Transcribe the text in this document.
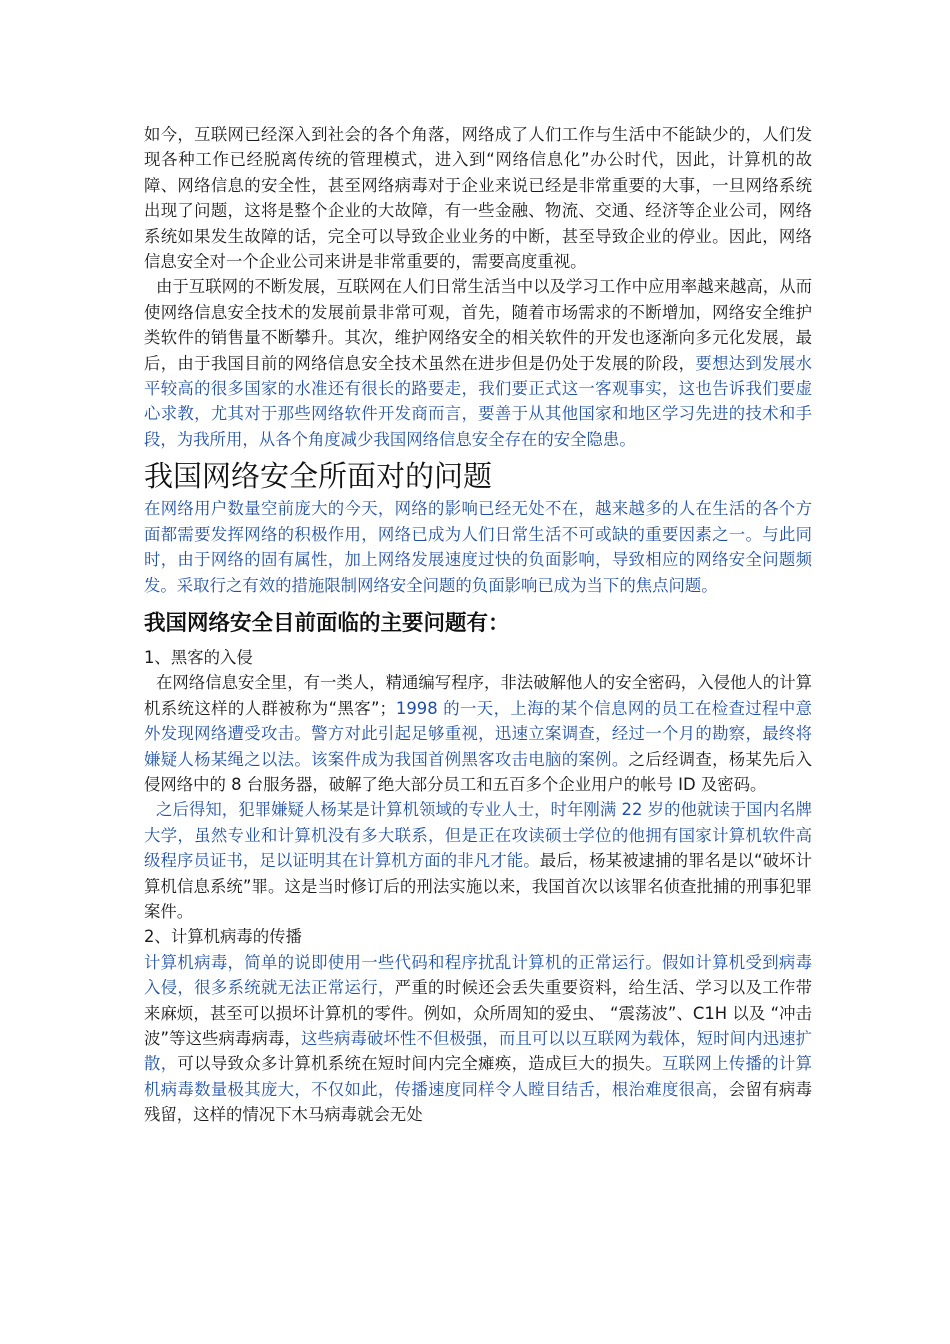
如今，互联网已经深入到社会的各个角落，网络成了人们工作与生活中不能缺少的，人们发现各种工作已经脱离传统的管理模式，进入到“网络信息化”办公时代，因此，计算机的故障、网络信息的安全性，甚至网络病毒对于企业来说已经是非常重要的大事，一旦网络系统出现了问题，这将是整个企业的大故障，有一些金融、物流、交通、经济等企业公司，网络系统如果发生故障的话，完全可以导致企业业务的中断，甚至导致企业的停业。因此，网络信息安全对一个企业公司来讲是非常重要的，需要高度重视。

由于互联网的不断发展，互联网在人们日常生活当中以及学习工作中应用率越来越高，从而使网络信息安全技术的发展前景非常可观，首先，随着市场需求的不断增加，网络安全维护类软件的销售量不断攀升。其次，维护网络安全的相关软件的开发也逐渐向多元化发展，最后，由于我国目前的网络信息安全技术虽然在进步但是仍处于发展的阶段，要想达到发展水平较高的很多国家的水准还有很长的路要走，我们要正式这一客观事实，这也告诉我们要虚心求教，尤其对于那些网络软件开发商而言，要善于从其他国家和地区学习先进的技术和手段，为我所用，从各个角度减少我国网络信息安全存在的安全隐患。

我国网络安全所面对的问题

在网络用户数量空前庞大的今天，网络的影响已经无处不在，越来越多的人在生活的各个方面都需要发挥网络的积极作用，网络已成为人们日常生活不可或缺的重要因素之一。与此同时，由于网络的固有属性，加上网络发展速度过快的负面影响，导致相应的网络安全问题频发。采取行之有效的措施限制网络安全问题的负面影响已成为当下的焦点问题。

我国网络安全目前面临的主要问题有：

1、黑客的入侵

在网络信息安全里，有一类人，精通编写程序，非法破解他人的安全密码，入侵他人的计算机系统这样的人群被称为“黑客”；1998 的一天，上海的某个信息网的员工在检查过程中意外发现网络遭受攻击。警方对此引起足够重视，迅速立案调查，经过一个月的勘察，最终将嫌疑人杨某绳之以法。该案件成为我国首例黑客攻击电脑的案例。之后经调查，杨某先后入侵网络中的 8 台服务器，破解了绝大部分员工和五百多个企业用户的帐号 ID 及密码。

之后得知，犯罪嫌疑人杨某是计算机领域的专业人士，时年刚满 22 岁的他就读于国内名牌大学，虽然专业和计算机没有多大联系，但是正在攻读硕士学位的他拥有国家计算机软件高级程序员证书，足以证明其在计算机方面的非凡才能。最后，杨某被逮捕的罪名是以“破坏计算机信息系统”罪。这是当时修订后的刑法实施以来，我国首次以该罪名侦查批捕的刑事犯罪案件。

2、计算机病毒的传播

计算机病毒，简单的说即使用一些代码和程序扰乱计算机的正常运行。假如计算机受到病毒入侵，很多系统就无法正常运行，严重的时候还会丢失重要资料，给生活、学习以及工作带来麻烦，甚至可以损坏计算机的零件。例如，众所周知的爱虫、 “震荡波”、C1H 以及 “冲击波”等这些病毒病毒，这些病毒破坏性不但极强，而且可以以互联网为载体，短时间内迅速扩散，可以导致众多计算机系统在短时间内完全瘫痪，造成巨大的损失。互联网上传播的计算机病毒数量极其庞大，不仅如此，传播速度同样令人瞠目结舌，根治难度很高，会留有病毒残留，这样的情况下木马病毒就会无处
